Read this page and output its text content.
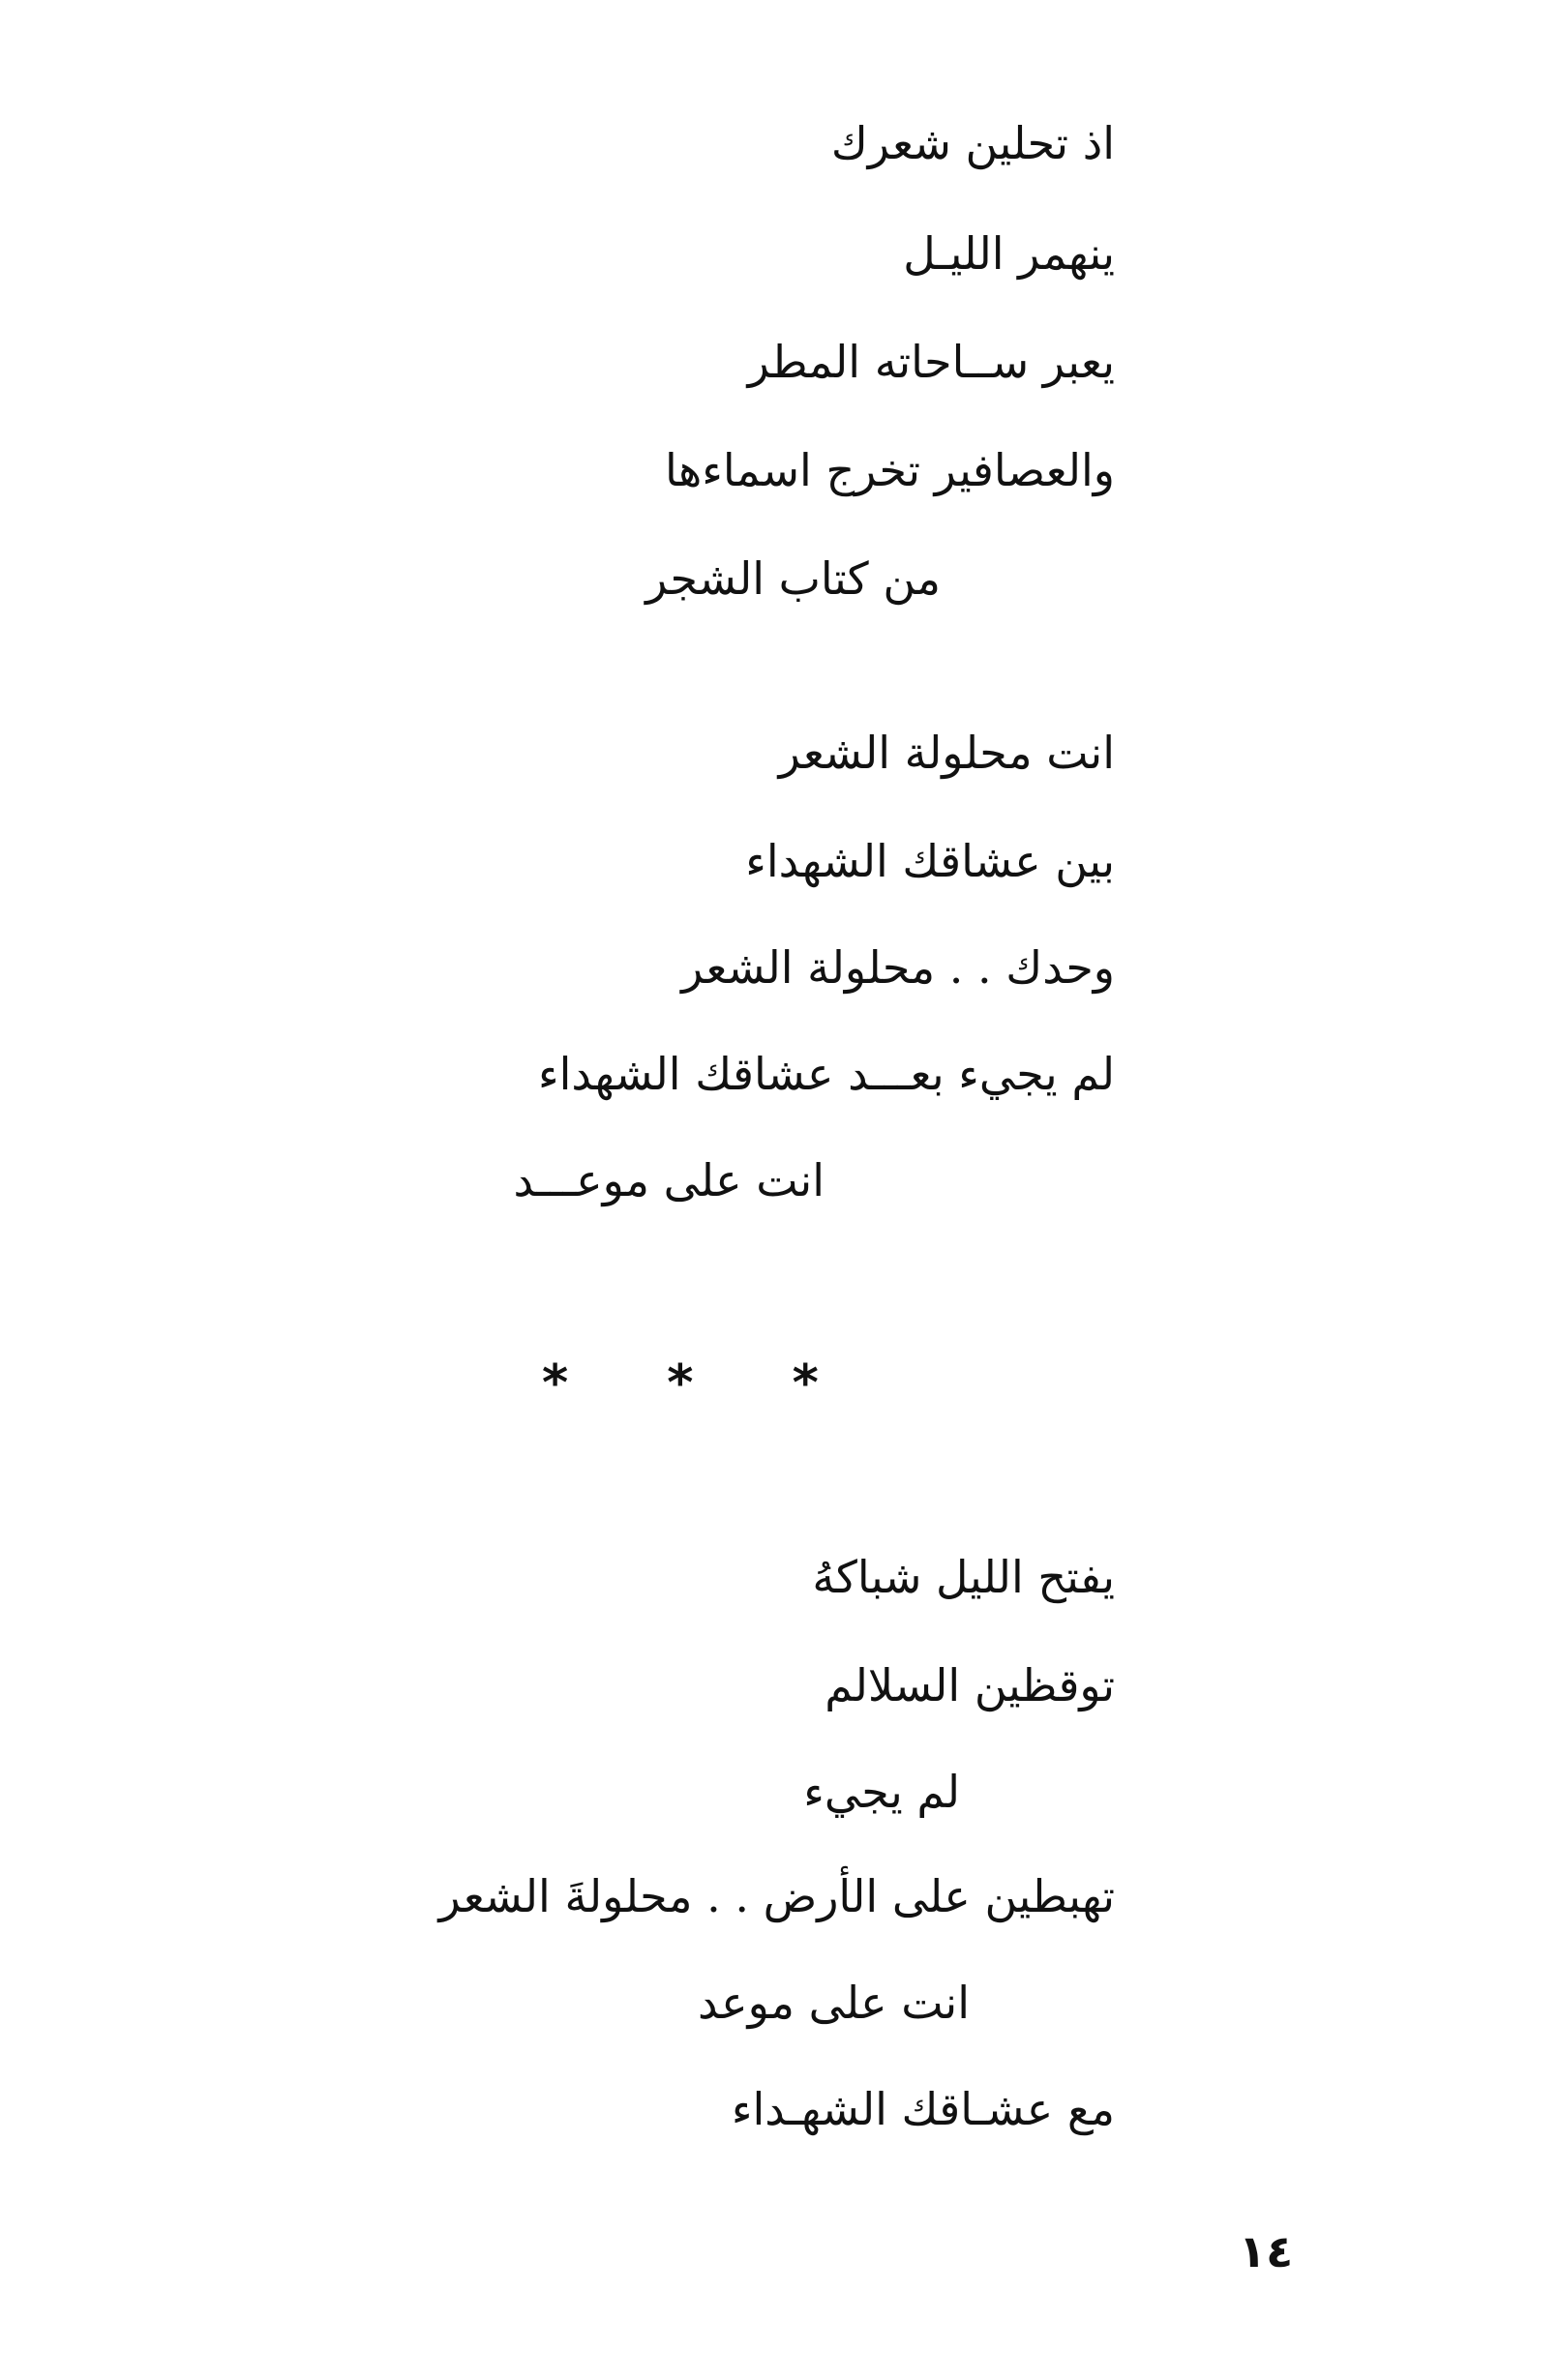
اذ تحلين شعرك
ينهمر الليـل
يعبر ســاحاته المطر
والعصافير تخرج اسماءها
من كتاب الشجر
انت محلولة الشعر
بين عشاقك الشهداء
وحدك . . محلولة الشعر
لم يجيء بعـــد عشاقك الشهداء
انت على موعـــد
* * *
يفتح الليل شباكهُ
توقظين السلالم
لم يجيء
تهبطين على الأرض . . محلولةَ الشعر
انت على موعد
مع عشـاقك الشهـداء
١٤
